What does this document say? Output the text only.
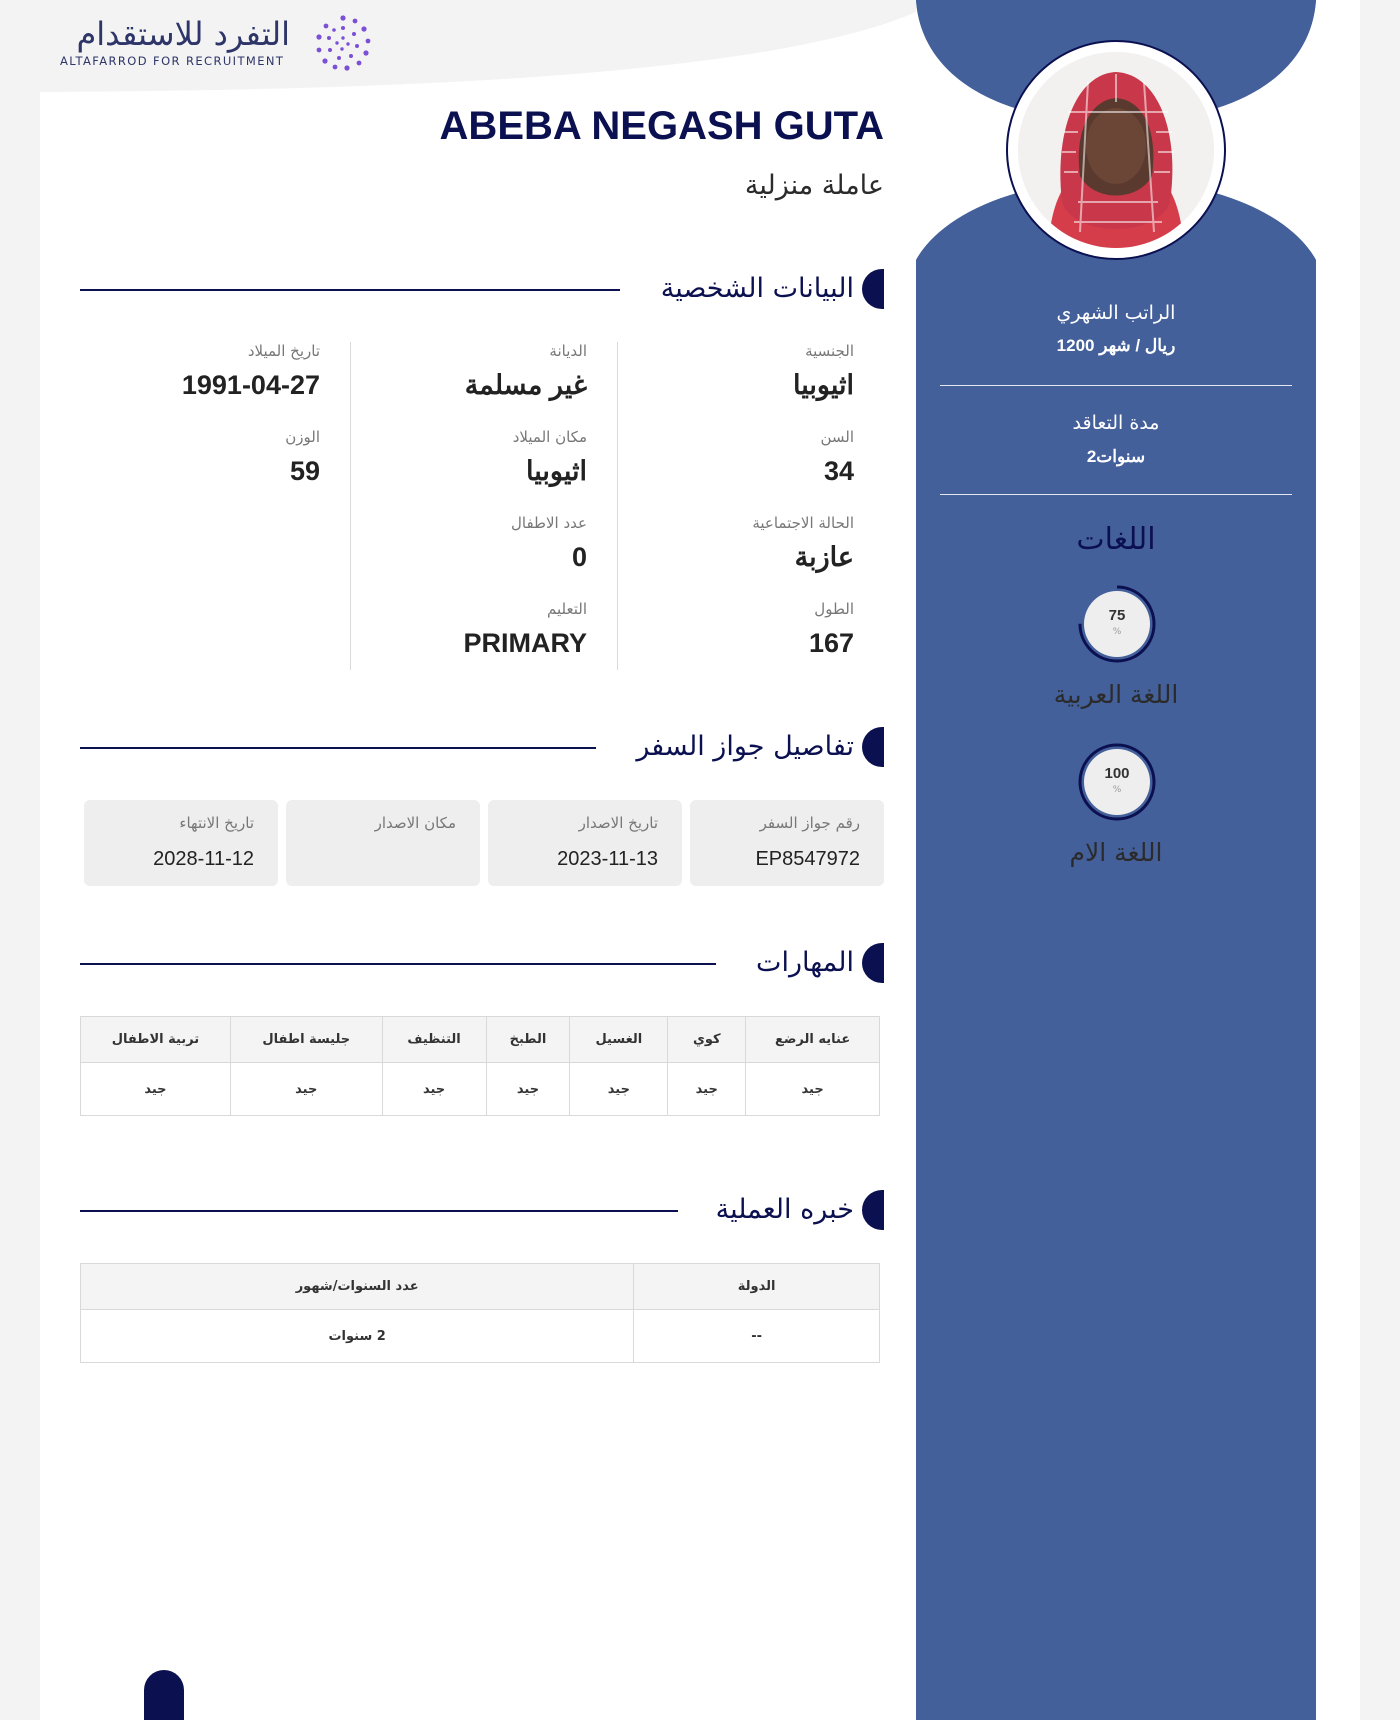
التفرد للاستقدام
ALTAFARROD FOR RECRUITMENT
الراتب الشهري
1200 ريال / شهر
مدة التعاقد
2سنوات
اللغات
75
%
اللغة العربية
100
%
اللغة الام
ABEBA NEGASH GUTA
عاملة منزلية
البيانات الشخصية
الجنسية
اثيوبيا
السن
34
الحالة الاجتماعية
عازبة
الطول
167
الديانة
غير مسلمة
مكان الميلاد
اثيوبيا
عدد الاطفال
0
التعليم
PRIMARY
تاريخ الميلاد
1991-04-27
الوزن
59
تفاصيل جواز السفر
رقم جواز السفر
EP8547972
تاريخ الاصدار
2023-11-13
مكان الاصدار
تاريخ الانتهاء
2028-11-12
المهارات
عنايه الرضع	كوي	الغسيل	الطبخ	التنظيف	جليسة اطفال	تربية الاطفال
جيد	جيد	جيد	جيد	جيد	جيد	جيد
خبره العملية
الدولة	عدد السنوات/شهور
--	2 سنوات
